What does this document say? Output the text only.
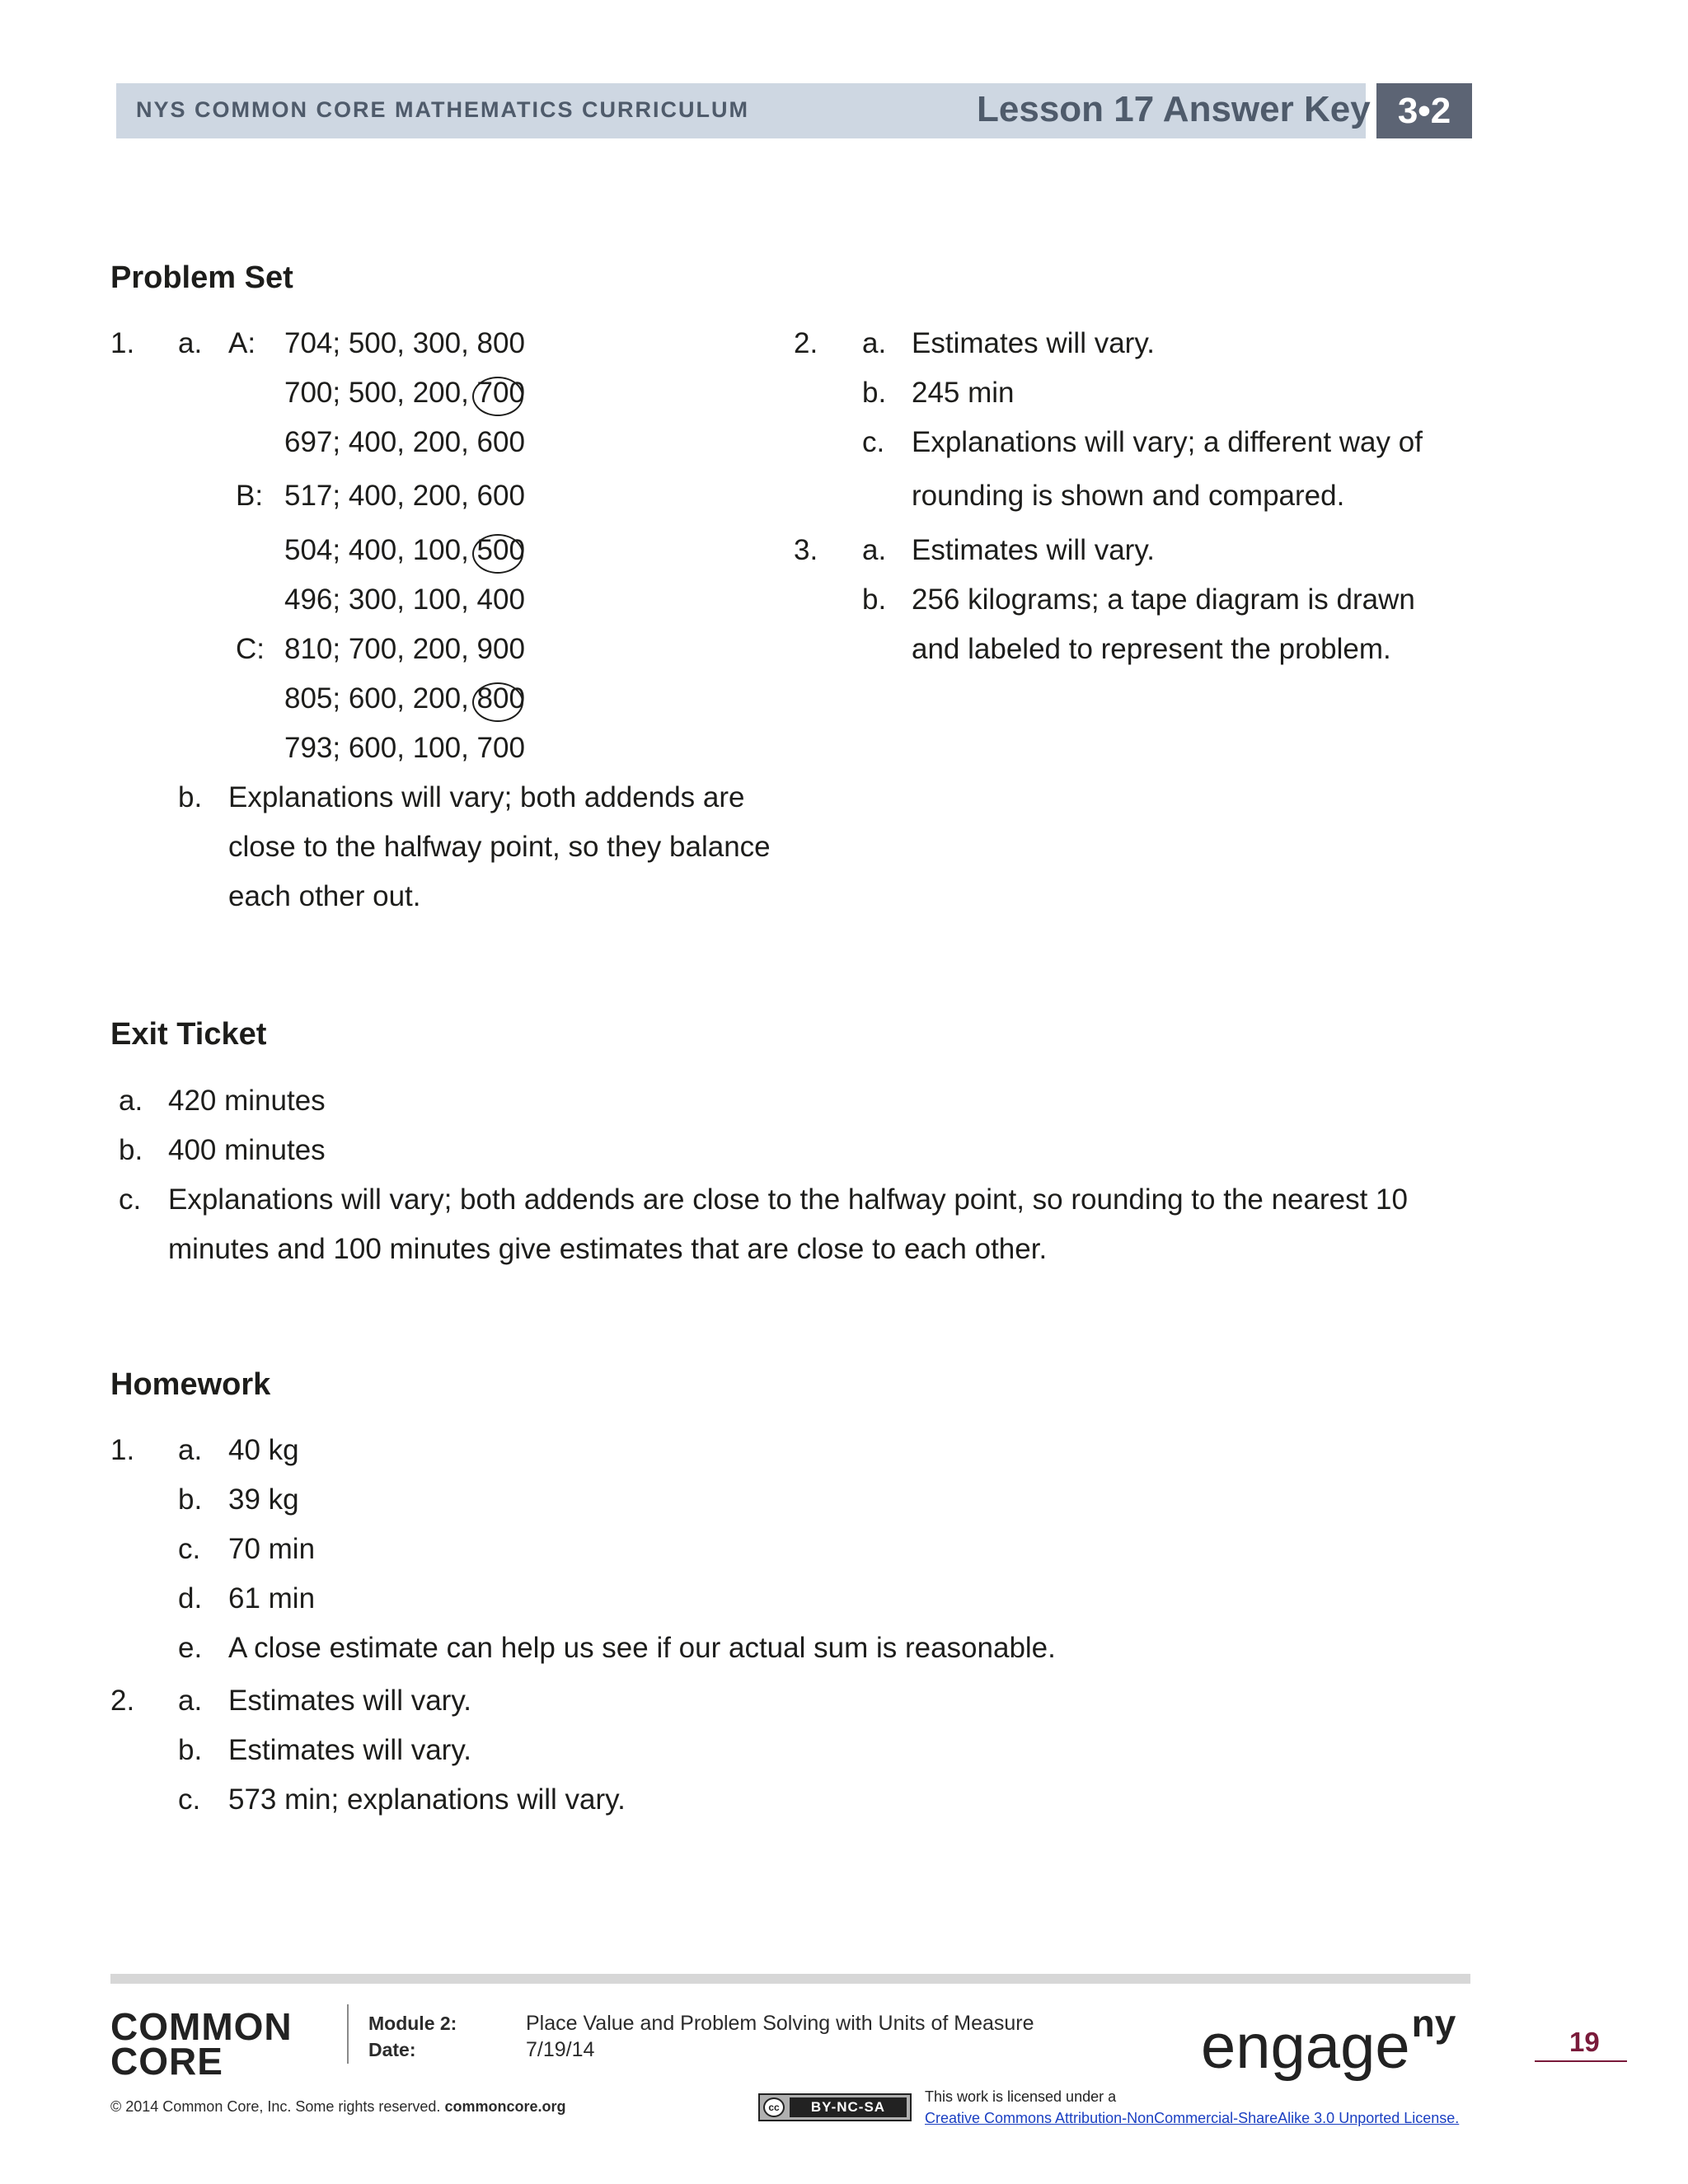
NYS COMMON CORE MATHEMATICS CURRICULUM	Lesson 17 Answer Key 3•2
Problem Set
1. a. A: 704; 500, 300, 800
700; 500, 200, 700
697; 400, 200, 600
B: 517; 400, 200, 600
504; 400, 100, 500
496; 300, 100, 400
C: 810; 700, 200, 900
805; 600, 200, 800
793; 600, 100, 700
b. Explanations will vary; both addends are
close to the halfway point, so they balance
each other out.
2. a. Estimates will vary.
b. 245 min
c. Explanations will vary; a different way of
rounding is shown and compared.
3. a. Estimates will vary.
b. 256 kilograms; a tape diagram is drawn
and labeled to represent the problem.
Exit Ticket
a. 420 minutes
b. 400 minutes
c. Explanations will vary; both addends are close to the halfway point, so rounding to the nearest 10
minutes and 100 minutes give estimates that are close to each other.
Homework
1. a. 40 kg
b. 39 kg
c. 70 min
d. 61 min
e. A close estimate can help us see if our actual sum is reasonable.
2. a. Estimates will vary.
b. Estimates will vary.
c. 573 min; explanations will vary.
COMMON
CORE
Module 2:	Place Value and Problem Solving with Units of Measure
Date:	7/19/14	engage$^{ny}$	19
© 2014 Common Core, Inc. Some rights reserved. commoncore.org	cc	BY-NC-SA
This work is licensed under a
Creative Commons Attribution-NonCommercial-ShareAlike 3.0 Unported License.
